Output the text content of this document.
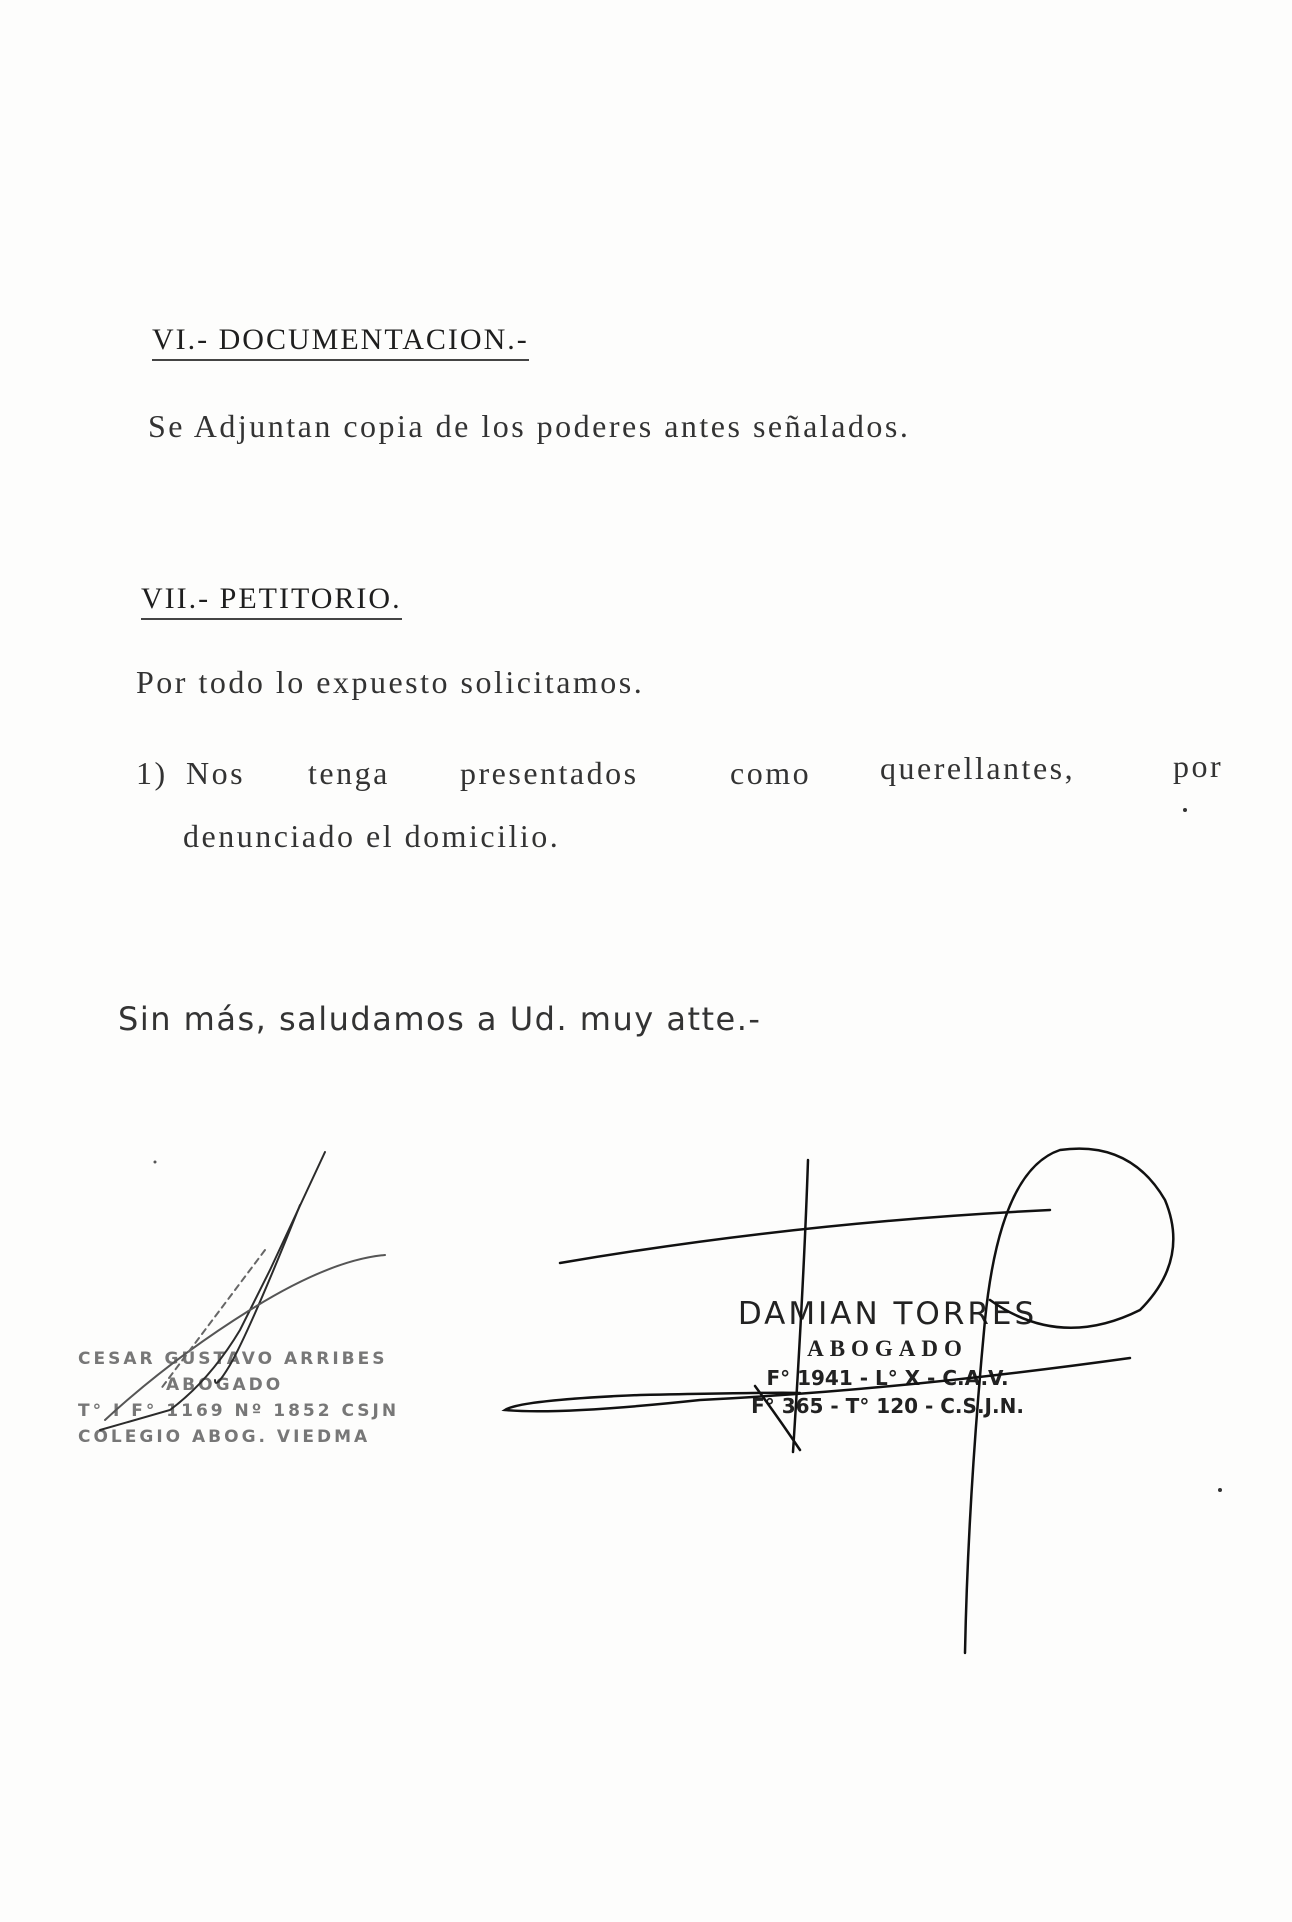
VI.- DOCUMENTACION.-
Se Adjuntan copia de los poderes antes señalados.
VII.- PETITORIO.
Por todo lo expuesto solicitamos.
1) Nos tenga presentados	como querellantes,	por
denunciado el domicilio.
Sin más, saludamos a Ud. muy atte.-
CESAR GUSTAVO ARRIBES
ABOGADO
T° I F° 1169 Nº 1852 CSJN
COLEGIO ABOG. VIEDMA
DAMIAN TORRES
ABOGADO
F° 1941 - L° X - C.A.V.
F° 365 - T° 120 - C.S.J.N.
